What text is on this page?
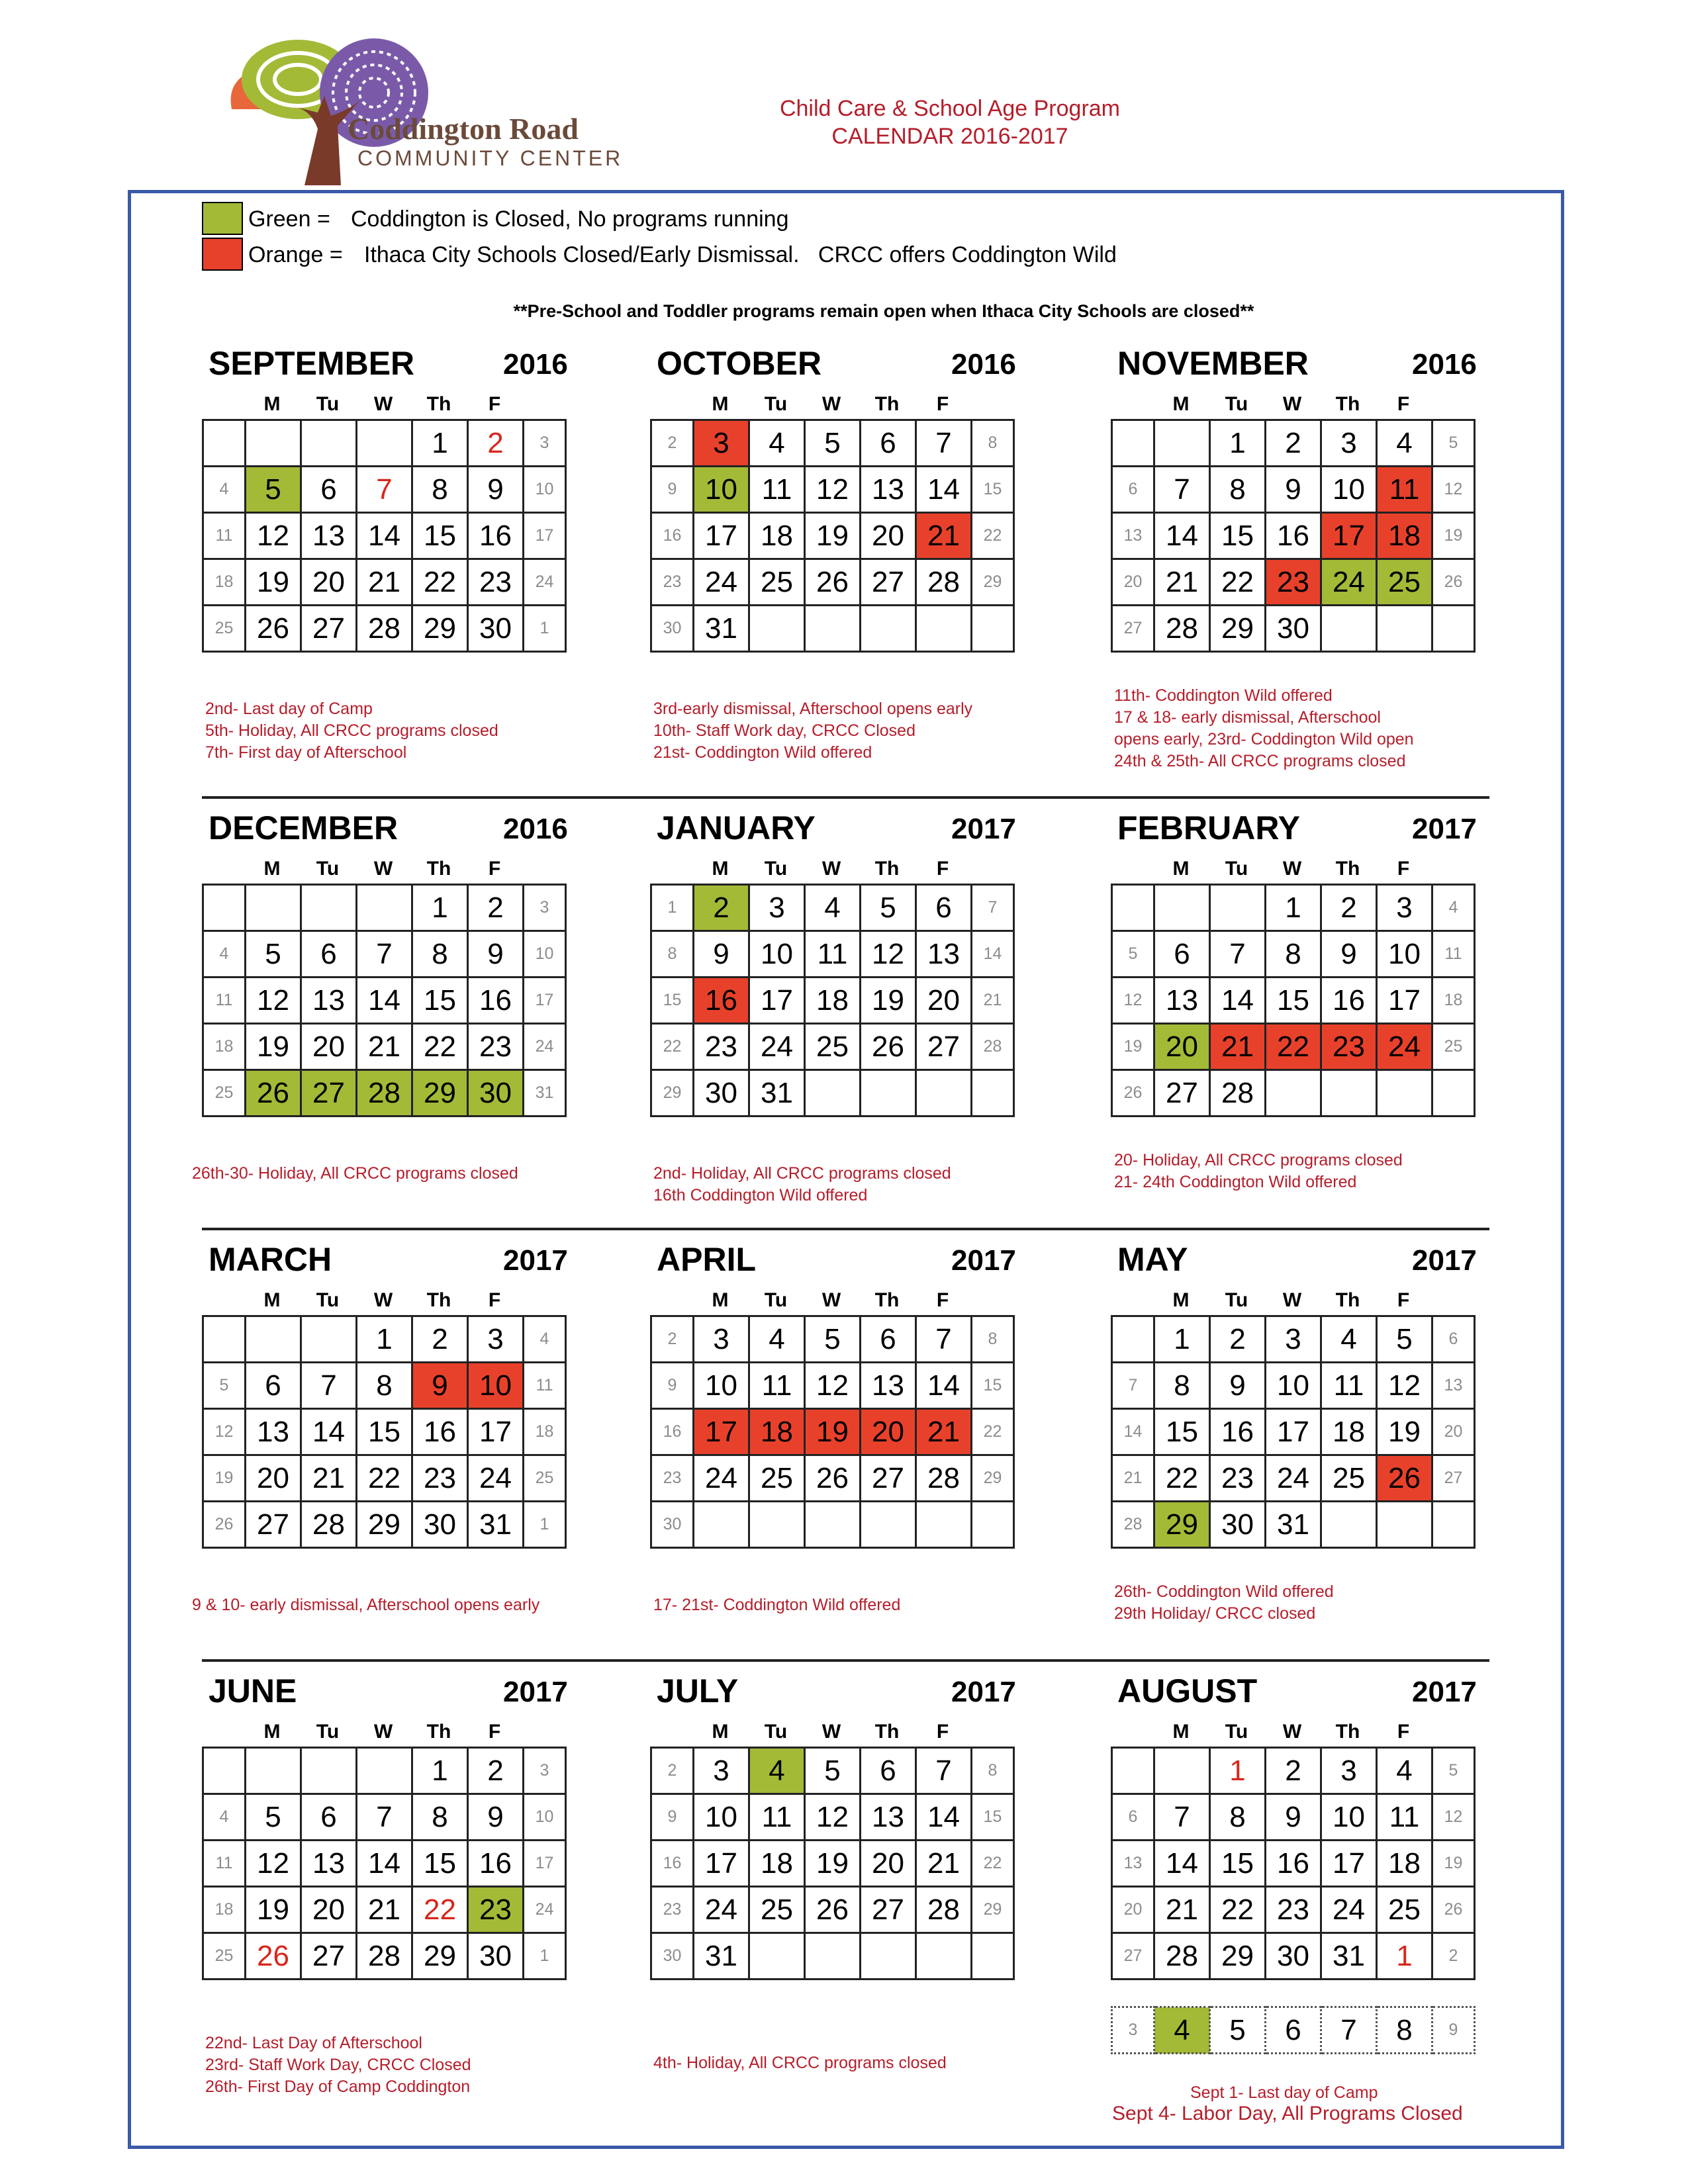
Coddington Road
COMMUNITY CENTER
Child Care & School Age Program
CALENDAR 2016-2017
Green = Coddington is Closed, No programs running
Orange = Ithaca City Schools Closed/Early Dismissal.   CRCC offers Coddington Wild
**Pre-School and Toddler programs remain open when Ithaca City Schools are closed**
SEPTEMBER	2016
M	Tu	W	Th	F
				1	2	3
4	5	6	7	8	9	10
11	12	13	14	15	16	17
18	19	20	21	22	23	24
25	26	27	28	29	30	1
2nd- Last day of Camp
5th- Holiday, All CRCC programs closed
7th- First day of Afterschool
OCTOBER	2016
M	Tu	W	Th	F
2	3	4	5	6	7	8
9	10	11	12	13	14	15
16	17	18	19	20	21	22
23	24	25	26	27	28	29
30	31					
3rd-early dismissal, Afterschool opens early
10th- Staff Work day, CRCC Closed
21st- Coddington Wild offered
NOVEMBER	2016
M	Tu	W	Th	F
		1	2	3	4	5
6	7	8	9	10	11	12
13	14	15	16	17	18	19
20	21	22	23	24	25	26
27	28	29	30			
11th- Coddington Wild offered
17 & 18- early dismissal, Afterschool
opens early, 23rd- Coddington Wild open
24th & 25th- All CRCC programs closed
DECEMBER	2016
M	Tu	W	Th	F
				1	2	3
4	5	6	7	8	9	10
11	12	13	14	15	16	17
18	19	20	21	22	23	24
25	26	27	28	29	30	31
26th-30- Holiday, All CRCC programs closed
JANUARY	2017
M	Tu	W	Th	F
1	2	3	4	5	6	7
8	9	10	11	12	13	14
15	16	17	18	19	20	21
22	23	24	25	26	27	28
29	30	31				
2nd- Holiday, All CRCC programs closed
16th Coddington Wild offered
FEBRUARY	2017
M	Tu	W	Th	F
			1	2	3	4
5	6	7	8	9	10	11
12	13	14	15	16	17	18
19	20	21	22	23	24	25
26	27	28				
20- Holiday, All CRCC programs closed
21- 24th Coddington Wild offered
MARCH	2017
M	Tu	W	Th	F
			1	2	3	4
5	6	7	8	9	10	11
12	13	14	15	16	17	18
19	20	21	22	23	24	25
26	27	28	29	30	31	1
9 & 10- early dismissal, Afterschool opens early
APRIL	2017
M	Tu	W	Th	F
2	3	4	5	6	7	8
9	10	11	12	13	14	15
16	17	18	19	20	21	22
23	24	25	26	27	28	29
30						
17- 21st- Coddington Wild offered
MAY	2017
M	Tu	W	Th	F
	1	2	3	4	5	6
7	8	9	10	11	12	13
14	15	16	17	18	19	20
21	22	23	24	25	26	27
28	29	30	31			
26th- Coddington Wild offered
29th Holiday/ CRCC closed
JUNE	2017
M	Tu	W	Th	F
				1	2	3
4	5	6	7	8	9	10
11	12	13	14	15	16	17
18	19	20	21	22	23	24
25	26	27	28	29	30	1
22nd- Last Day of Afterschool
23rd- Staff Work Day, CRCC Closed
26th- First Day of Camp Coddington
JULY	2017
M	Tu	W	Th	F
2	3	4	5	6	7	8
9	10	11	12	13	14	15
16	17	18	19	20	21	22
23	24	25	26	27	28	29
30	31					
4th- Holiday, All CRCC programs closed
AUGUST	2017
M	Tu	W	Th	F
		1	2	3	4	5
6	7	8	9	10	11	12
13	14	15	16	17	18	19
20	21	22	23	24	25	26
27	28	29	30	31	1	2
Sept 1- Last day of Camp
3	4	5	6	7	8	9
Sept 4- Labor Day, All Programs Closed
